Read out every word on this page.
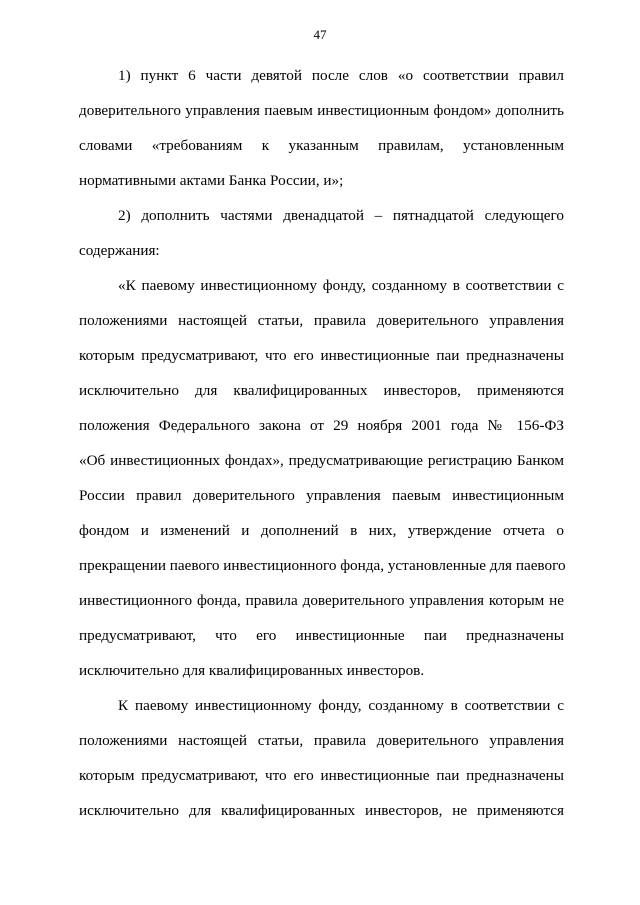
47
1) пункт 6 части девятой после слов «о соответствии правил
доверительного управления паевым инвестиционным фондом» дополнить
словами «требованиям к указанным правилам, установленным
нормативными актами Банка России, и»;
2) дополнить частями двенадцатой – пятнадцатой следующего
содержания:
«К паевому инвестиционному фонду, созданному в соответствии с
положениями настоящей статьи, правила доверительного управления
которым предусматривают, что его инвестиционные паи предназначены
исключительно для квалифицированных инвесторов, применяются
положения Федерального закона от 29 ноября 2001 года № 156-ФЗ
«Об инвестиционных фондах», предусматривающие регистрацию Банком
России правил доверительного управления паевым инвестиционным
фондом и изменений и дополнений в них, утверждение отчета о
прекращении паевого инвестиционного фонда, установленные для паевого
инвестиционного фонда, правила доверительного управления которым не
предусматривают, что его инвестиционные паи предназначены
исключительно для квалифицированных инвесторов.
К паевому инвестиционному фонду, созданному в соответствии с
положениями настоящей статьи, правила доверительного управления
которым предусматривают, что его инвестиционные паи предназначены
исключительно для квалифицированных инвесторов, не применяются
